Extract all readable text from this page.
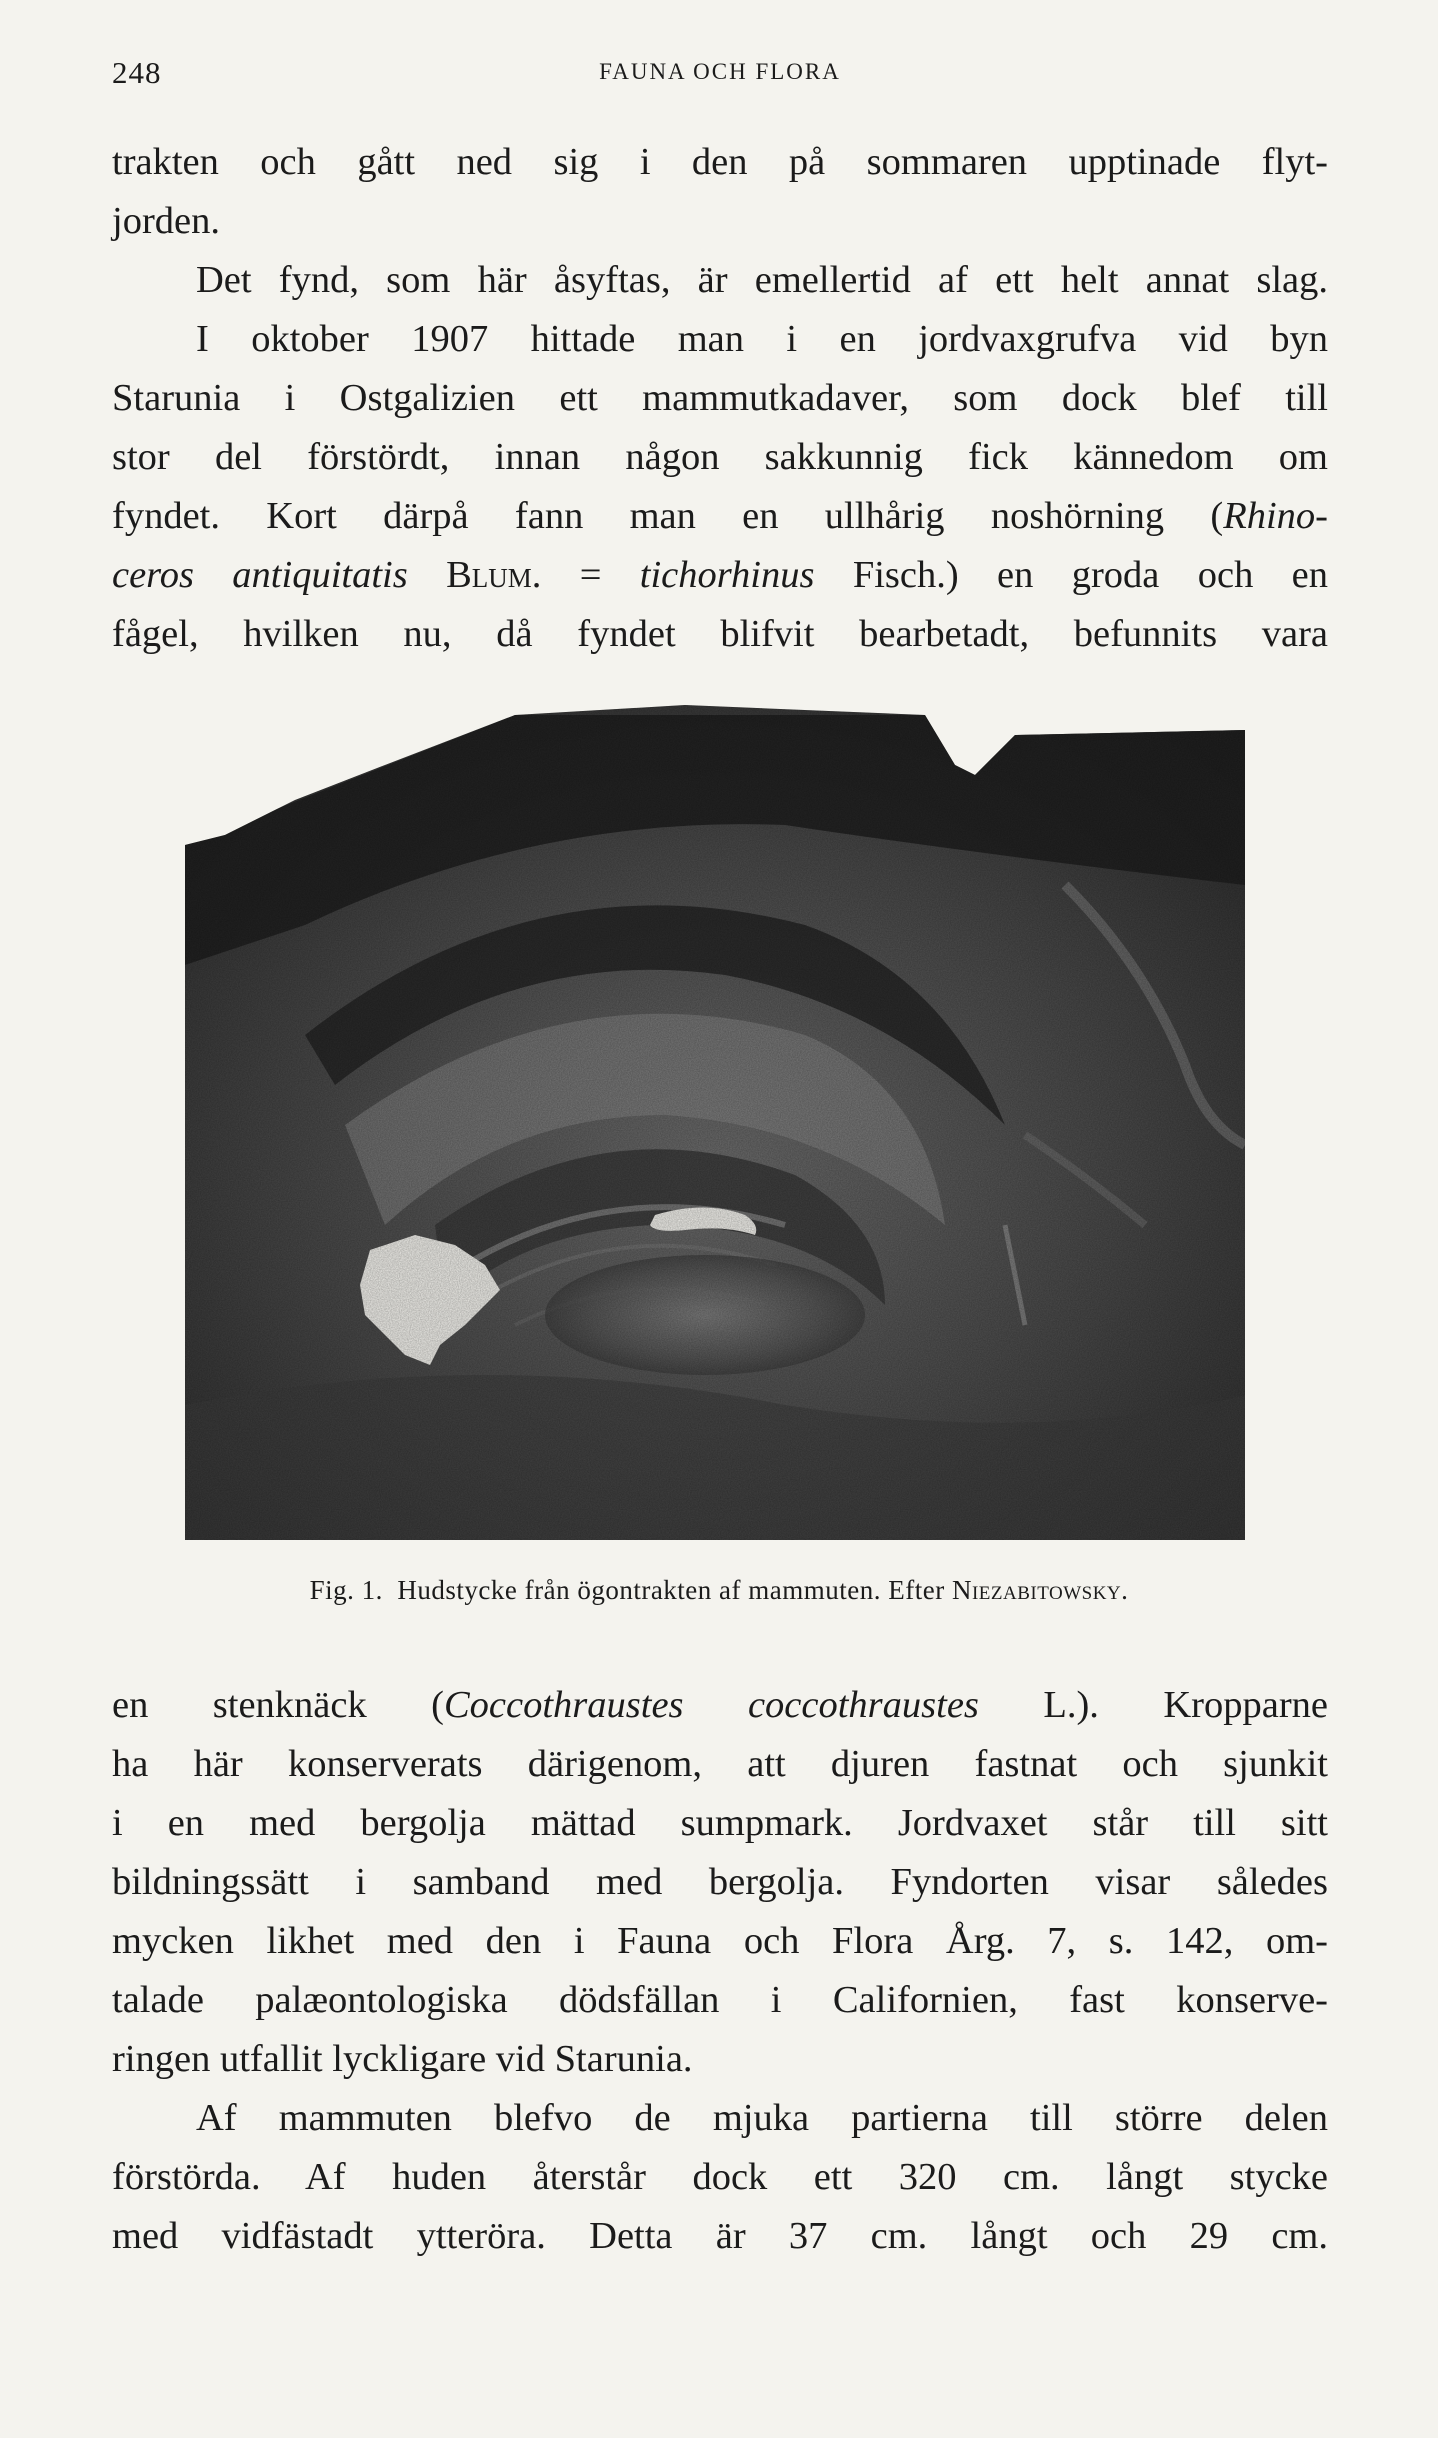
248	FAUNA OCH FLORA
trakten och gått ned sig i den på sommaren upptinade flyt-
jorden.
Det fynd, som här åsyftas, är emellertid af ett helt annat slag.
I oktober 1907 hittade man i en jordvaxgrufva vid byn
Starunia i Ostgalizien ett mammutkadaver, som dock blef till
stor del förstördt, innan någon sakkunnig fick kännedom om
fyndet. Kort därpå fann man en ullhårig noshörning (Rhino-
ceros antiquitatis Blum. = tichorhinus Fisch.) en groda och en
fågel, hvilken nu, då fyndet blifvit bearbetadt, befunnits vara
Fig. 1. Hudstycke från ögontrakten af mammuten. Efter Niezabitowsky.
en stenknäck (Coccothraustes coccothraustes L.). Kropparne
ha här konserverats därigenom, att djuren fastnat och sjunkit
i en med bergolja mättad sumpmark. Jordvaxet står till sitt
bildningssätt i samband med bergolja. Fyndorten visar således
mycken likhet med den i Fauna och Flora Årg. 7, s. 142, om-
talade palæontologiska dödsfällan i Californien, fast konserve-
ringen utfallit lyckligare vid Starunia.
Af mammuten blefvo de mjuka partierna till större delen
förstörda. Af huden återstår dock ett 320 cm. långt stycke
med vidfästadt ytteröra. Detta är 37 cm. långt och 29 cm.
